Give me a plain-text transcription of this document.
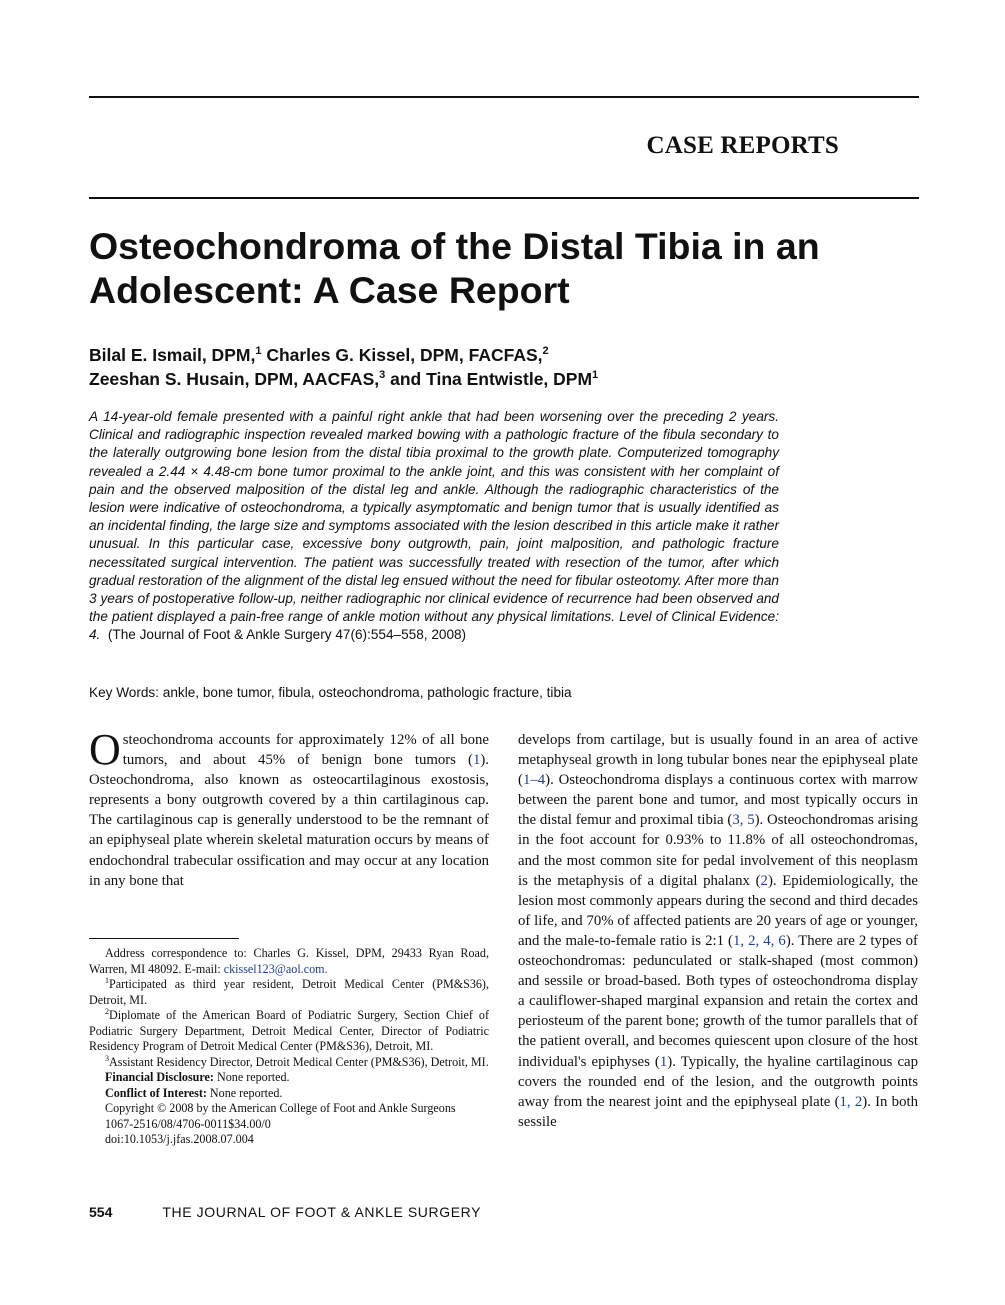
CASE REPORTS
Osteochondroma of the Distal Tibia in an Adolescent: A Case Report
Bilal E. Ismail, DPM,$^1$ Charles G. Kissel, DPM, FACFAS,$^2$
Zeeshan S. Husain, DPM, AACFAS,$^3$ and Tina Entwistle, DPM$^1$

A 14-year-old female presented with a painful right ankle that had been worsening over the preceding 2 years. Clinical and radiographic inspection revealed marked bowing with a pathologic fracture of the fibula secondary to the laterally outgrowing bone lesion from the distal tibia proximal to the growth plate. Computerized tomography revealed a 2.44 × 4.48-cm bone tumor proximal to the ankle joint, and this was consistent with her complaint of pain and the observed malposition of the distal leg and ankle. Although the radiographic characteristics of the lesion were indicative of osteochondroma, a typically asymptomatic and benign tumor that is usually identified as an incidental finding, the large size and symptoms associated with the lesion described in this article make it rather unusual. In this particular case, excessive bony outgrowth, pain, joint malposition, and pathologic fracture necessitated surgical intervention. The patient was successfully treated with resection of the tumor, after which gradual restoration of the alignment of the distal leg ensued without the need for fibular osteotomy. After more than 3 years of postoperative follow-up, neither radiographic nor clinical evidence of recurrence had been observed and the patient displayed a pain-free range of ankle motion without any physical limitations. Level of Clinical Evidence: 4. (The Journal of Foot & Ankle Surgery 47(6):554–558, 2008)

Key Words: ankle, bone tumor, fibula, osteochondroma, pathologic fracture, tibia
Osteochondroma accounts for approximately 12% of all bone tumors, and about 45% of benign bone tumors (1). Osteochondroma, also known as osteocartilaginous exostosis, represents a bony outgrowth covered by a thin cartilaginous cap. The cartilaginous cap is generally understood to be the remnant of an epiphyseal plate wherein skeletal maturation occurs by means of endochondral trabecular ossification and may occur at any location in any bone that
develops from cartilage, but is usually found in an area of active metaphyseal growth in long tubular bones near the epiphyseal plate (1–4). Osteochondroma displays a continuous cortex with marrow between the parent bone and tumor, and most typically occurs in the distal femur and proximal tibia (3, 5). Osteochondromas arising in the foot account for 0.93% to 11.8% of all osteochondromas, and the most common site for pedal involvement of this neoplasm is the metaphysis of a digital phalanx (2). Epidemiologically, the lesion most commonly appears during the second and third decades of life, and 70% of affected patients are 20 years of age or younger, and the male-to-female ratio is 2:1 (1, 2, 4, 6). There are 2 types of osteochondromas: pedunculated or stalk-shaped (most common) and sessile or broad-based. Both types of osteochondroma display a cauliflower-shaped marginal expansion and retain the cortex and periosteum of the parent bone; growth of the tumor parallels that of the patient overall, and becomes quiescent upon closure of the host individual's epiphyses (1). Typically, the hyaline cartilaginous cap covers the rounded end of the lesion, and the outgrowth points away from the nearest joint and the epiphyseal plate (1, 2). In both sessile

Address correspondence to: Charles G. Kissel, DPM, 29433 Ryan Road, Warren, MI 48092. E-mail: ckissel123@aol.com.

$^1$Participated as third year resident, Detroit Medical Center (PM&S36), Detroit, MI.

$^2$Diplomate of the American Board of Podiatric Surgery, Section Chief of Podiatric Surgery Department, Detroit Medical Center, Director of Podiatric Residency Program of Detroit Medical Center (PM&S36), Detroit, MI.

$^3$Assistant Residency Director, Detroit Medical Center (PM&S36), Detroit, MI.

Financial Disclosure: None reported.

Conflict of Interest: None reported.

Copyright © 2008 by the American College of Foot and Ankle Surgeons

1067-2516/08/4706-0011$34.00/0

doi:10.1053/j.jfas.2008.07.004

554	THE JOURNAL OF FOOT & ANKLE SURGERY
